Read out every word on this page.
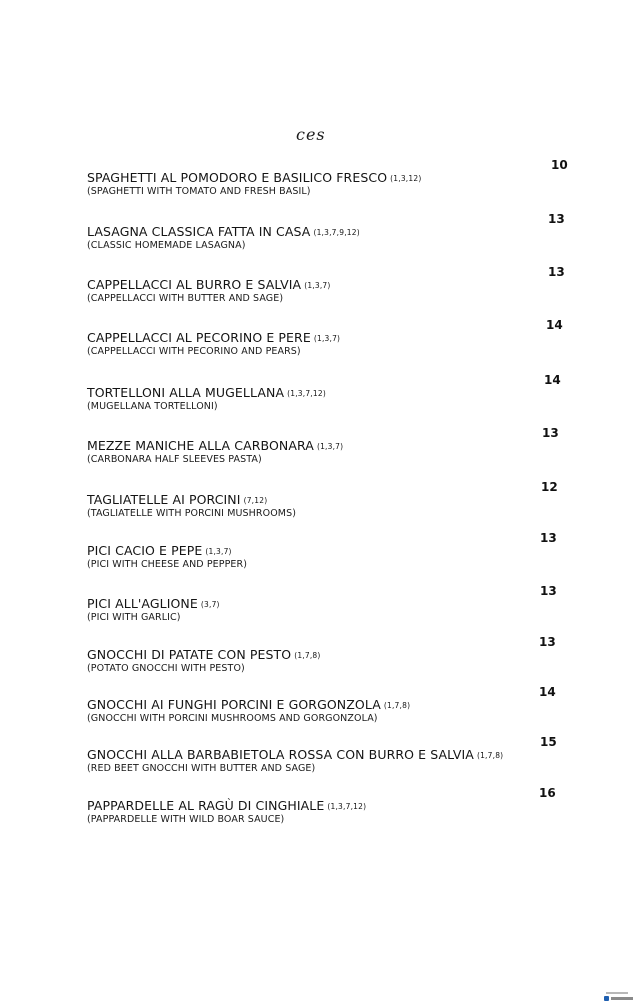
ces
SPAGHETTI AL POMODORO E BASILICO FRESCO (1,3,12)
(SPAGHETTI WITH TOMATO AND FRESH BASIL)
10
LASAGNA CLASSICA FATTA IN CASA (1,3,7,9,12)
(CLASSIC HOMEMADE LASAGNA)
13
CAPPELLACCI AL BURRO E SALVIA (1,3,7)
(CAPPELLACCI WITH BUTTER AND SAGE)
13
CAPPELLACCI AL PECORINO E PERE (1,3,7)
(CAPPELLACCI WITH PECORINO AND PEARS)
14
TORTELLONI ALLA MUGELLANA (1,3,7,12)
(MUGELLANA TORTELLONI)
14
MEZZE MANICHE ALLA CARBONARA (1,3,7)
(CARBONARA HALF SLEEVES PASTA)
13
TAGLIATELLE AI PORCINI (7,12)
(TAGLIATELLE WITH PORCINI MUSHROOMS)
12
PICI CACIO E PEPE (1,3,7)
(PICI WITH CHEESE AND PEPPER)
13
PICI ALL'AGLIONE (3,7)
(PICI WITH GARLIC)
13
GNOCCHI DI PATATE CON PESTO (1,7,8)
(POTATO GNOCCHI WITH PESTO)
13
GNOCCHI AI FUNGHI PORCINI E GORGONZOLA (1,7,8)
(GNOCCHI WITH PORCINI MUSHROOMS AND GORGONZOLA)
14
GNOCCHI ALLA BARBABIETOLA ROSSA CON BURRO E SALVIA (1,7,8)
(RED BEET GNOCCHI WITH BUTTER AND SAGE)
15
PAPPARDELLE AL RAGÙ DI CINGHIALE (1,3,7,12)
(PAPPARDELLE WITH WILD BOAR SAUCE)
16
